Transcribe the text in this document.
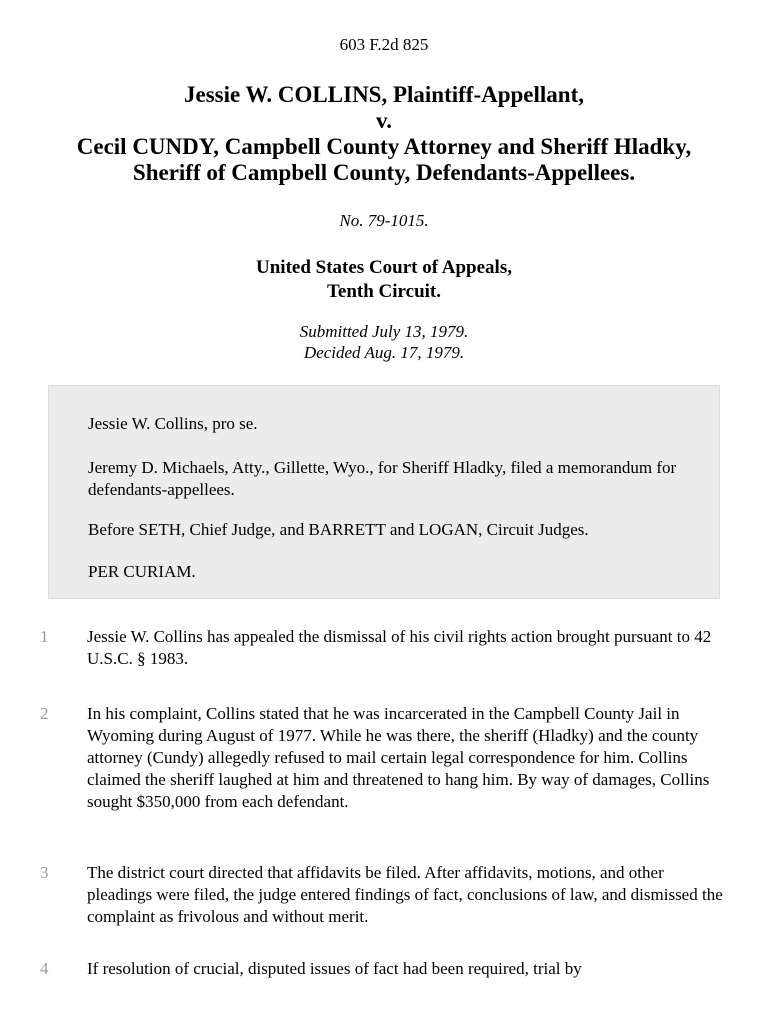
603 F.2d 825
Jessie W. COLLINS, Plaintiff-Appellant,
v.
Cecil CUNDY, Campbell County Attorney and Sheriff Hladky,
Sheriff of Campbell County, Defendants-Appellees.
No. 79-1015.
United States Court of Appeals,
Tenth Circuit.
Submitted July 13, 1979.
Decided Aug. 17, 1979.

Jessie W. Collins, pro se.

Jeremy D. Michaels, Atty., Gillette, Wyo., for Sheriff Hladky, filed a memorandum for defendants-appellees.

Before SETH, Chief Judge, and BARRETT and LOGAN, Circuit Judges.

PER CURIAM.

1	Jessie W. Collins has appealed the dismissal of his civil rights action brought pursuant to 42 U.S.C. § 1983.
2	In his complaint, Collins stated that he was incarcerated in the Campbell County Jail in Wyoming during August of 1977. While he was there, the sheriff (Hladky) and the county attorney (Cundy) allegedly refused to mail certain legal correspondence for him. Collins claimed the sheriff laughed at him and threatened to hang him. By way of damages, Collins sought $350,000 from each defendant.
3	The district court directed that affidavits be filed. After affidavits, motions, and other pleadings were filed, the judge entered findings of fact, conclusions of law, and dismissed the complaint as frivolous and without merit.
4	If resolution of crucial, disputed issues of fact had been required, trial by
